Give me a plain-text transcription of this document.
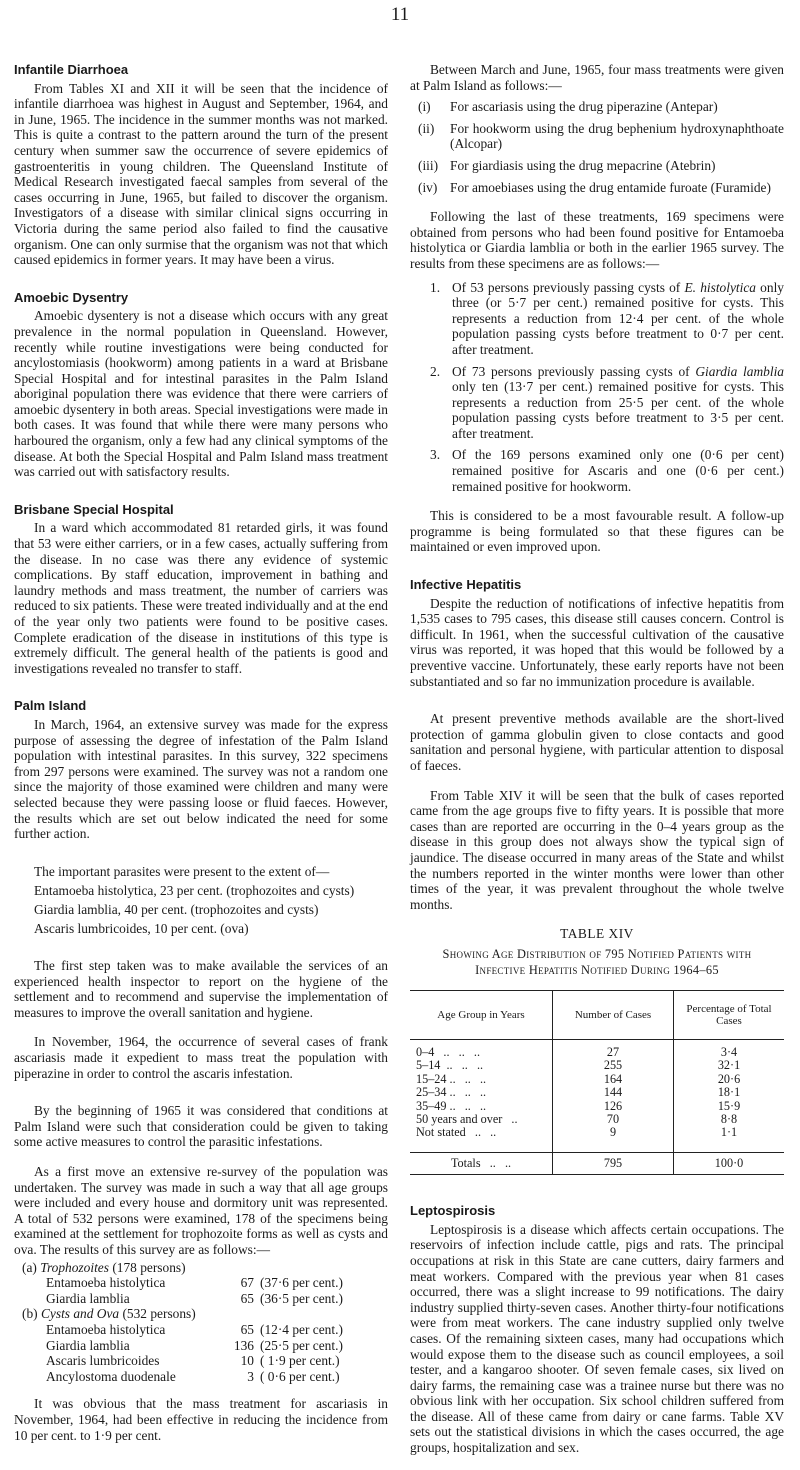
11
Infantile Diarrhoea

From Tables XI and XII it will be seen that the incidence of infantile diarrhoea was highest in August and September, 1964, and in June, 1965. The incidence in the summer months was not marked. This is quite a contrast to the pattern around the turn of the present century when summer saw the occurrence of severe epidemics of gastroenteritis in young children. The Queensland Institute of Medical Research investigated faecal samples from several of the cases occurring in June, 1965, but failed to discover the organism. Investigators of a disease with similar clinical signs occurring in Victoria during the same period also failed to find the causative organism. One can only surmise that the organism was not that which caused epidemics in former years. It may have been a virus.

Amoebic Dysentry

Amoebic dysentery is not a disease which occurs with any great prevalence in the normal population in Queensland. However, recently while routine investigations were being conducted for ancylostomiasis (hookworm) among patients in a ward at Brisbane Special Hospital and for intestinal parasites in the Palm Island aboriginal population there was evidence that there were carriers of amoebic dysentery in both areas. Special investigations were made in both cases. It was found that while there were many persons who harboured the organism, only a few had any clinical symptoms of the disease. At both the Special Hospital and Palm Island mass treatment was carried out with satisfactory results.

Brisbane Special Hospital

In a ward which accommodated 81 retarded girls, it was found that 53 were either carriers, or in a few cases, actually suffering from the disease. In no case was there any evidence of systemic complications. By staff education, improvement in bathing and laundry methods and mass treatment, the number of carriers was reduced to six patients. These were treated individually and at the end of the year only two patients were found to be positive cases. Complete eradication of the disease in institutions of this type is extremely difficult. The general health of the patients is good and investigations revealed no transfer to staff.

Palm Island

In March, 1964, an extensive survey was made for the express purpose of assessing the degree of infestation of the Palm Island population with intestinal parasites. In this survey, 322 specimens from 297 persons were examined. The survey was not a random one since the majority of those examined were children and many were selected because they were passing loose or fluid faeces. However, the results which are set out below indicated the need for some further action.

The important parasites were present to the extent of—

Entamoeba histolytica, 23 per cent. (trophozoites and cysts)
Giardia lamblia, 40 per cent. (trophozoites and cysts)
Ascaris lumbricoides, 10 per cent. (ova)

The first step taken was to make available the services of an experienced health inspector to report on the hygiene of the settlement and to recommend and supervise the implementation of measures to improve the overall sanitation and hygiene.

In November, 1964, the occurrence of several cases of frank ascariasis made it expedient to mass treat the population with piperazine in order to control the ascaris infestation.

By the beginning of 1965 it was considered that conditions at Palm Island were such that consideration could be given to taking some active measures to control the parasitic infestations.

As a first move an extensive re-survey of the population was undertaken. The survey was made in such a way that all age groups were included and every house and dormitory unit was represented. A total of 532 persons were examined, 178 of the specimens being examined at the settlement for trophozoite forms as well as cysts and ova. The results of this survey are as follows:—

(a) Trophozoites (178 persons)
Entamoeba histolytica	67 (37·6 per cent.)
Giardia lamblia	65 (36·5 per cent.)
(b) Cysts and Ova (532 persons)
Entamoeba histolytica	65 (12·4 per cent.)
Giardia lamblia	136 (25·5 per cent.)
Ascaris lumbricoides	10 ( 1·9 per cent.)
Ancylostoma duodenale	3 ( 0·6 per cent.)

It was obvious that the mass treatment for ascariasis in November, 1964, had been effective in reducing the incidence from 10 per cent. to 1·9 per cent.

Between March and June, 1965, four mass treatments were given at Palm Island as follows:—

(i)	For ascariasis using the drug piperazine (Antepar)
(ii)	For hookworm using the drug bephenium hydroxynaphthoate (Alcopar)
(iii) For giardiasis using the drug mepacrine (Atebrin)
(iv) For amoebiases using the drug entamide furoate (Furamide)

Following the last of these treatments, 169 specimens were obtained from persons who had been found positive for Entamoeba histolytica or Giardia lamblia or both in the earlier 1965 survey. The results from these specimens are as follows:—

1. Of 53 persons previously passing cysts of E. histolytica only three (or 5·7 per cent.) remained positive for cysts. This represents a reduction from 12·4 per cent. of the whole population passing cysts before treatment to 0·7 per cent. after treatment.
2. Of 73 persons previously passing cysts of Giardia lamblia only ten (13·7 per cent.) remained positive for cysts. This represents a reduction from 25·5 per cent. of the whole population passing cysts before treatment to 3·5 per cent. after treatment.
3. Of the 169 persons examined only one (0·6 per cent) remained positive for Ascaris and one (0·6 per cent.) remained positive for hookworm.

This is considered to be a most favourable result. A follow-up programme is being formulated so that these figures can be maintained or even improved upon.

Infective Hepatitis

Despite the reduction of notifications of infective hepatitis from 1,535 cases to 795 cases, this disease still causes concern. Control is difficult. In 1961, when the successful cultivation of the causative virus was reported, it was hoped that this would be followed by a preventive vaccine. Unfortunately, these early reports have not been substantiated and so far no immunization procedure is available.

At present preventive methods available are the short-lived protection of gamma globulin given to close contacts and good sanitation and personal hygiene, with particular attention to disposal of faeces.

From Table XIV it will be seen that the bulk of cases reported came from the age groups five to fifty years. It is possible that more cases than are reported are occurring in the 0–4 years group as the disease in this group does not always show the typical sign of jaundice. The disease occurred in many areas of the State and whilst the numbers reported in the winter months were lower than other times of the year, it was prevalent throughout the whole twelve months.

TABLE XIV
Showing Age Distribution of 795 Notified Patients with
Infective Hepatitis Notified During 1964–65
Age Group in Years	Number of Cases	Percentage of Total Cases
0–4   ..   ..   ..	27	3·4
5–14  ..   ..   ..	255	32·1
15–24 ..   ..   ..	164	20·6
25–34 ..   ..   ..	144	18·1
35–49 ..   ..   ..	126	15·9
50 years and over   ..	70	8·8
Not stated   ..   ..	9	1·1
Totals   ..   ..	795	100·0
Leptospirosis

Leptospirosis is a disease which affects certain occupations. The reservoirs of infection include cattle, pigs and rats. The principal occupations at risk in this State are cane cutters, dairy farmers and meat workers. Compared with the previous year when 81 cases occurred, there was a slight increase to 99 notifications. The dairy industry supplied thirty-seven cases. Another thirty-four notifications were from meat workers. The cane industry supplied only twelve cases. Of the remaining sixteen cases, many had occupations which would expose them to the disease such as council employees, a soil tester, and a kangaroo shooter. Of seven female cases, six lived on dairy farms, the remaining case was a trainee nurse but there was no obvious link with her occupation. Six school children suffered from the disease. All of these came from dairy or cane farms. Table XV sets out the statistical divisions in which the cases occurred, the age groups, hospitalization and sex.
